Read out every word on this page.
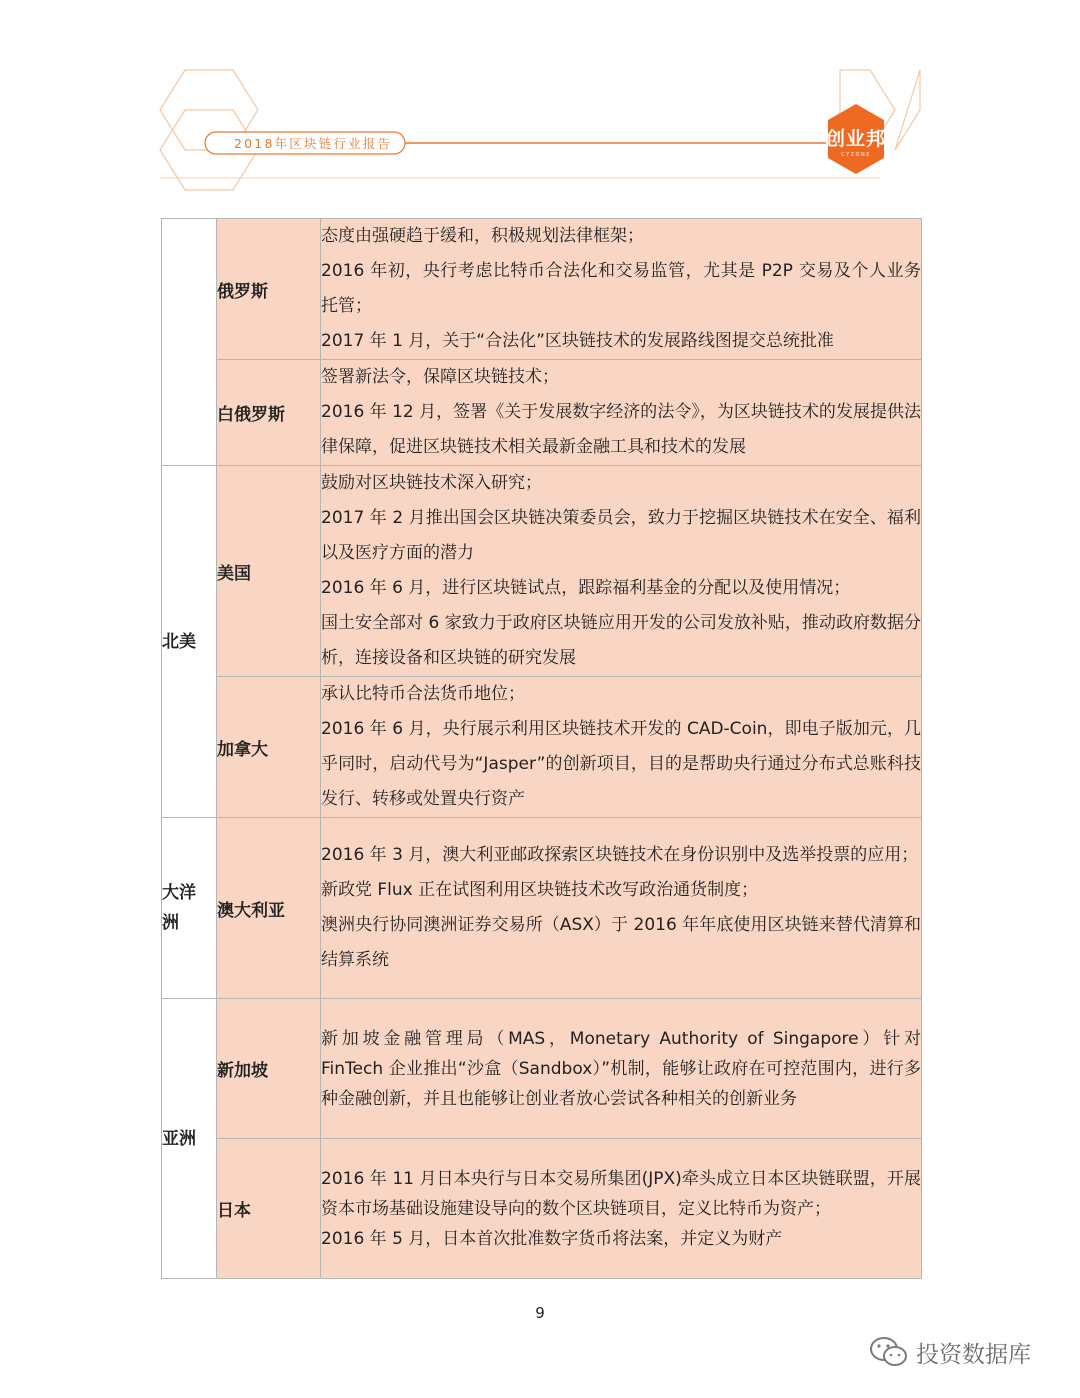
2018年区块链行业报告	创业邦
CYZONE
	俄罗斯	态度由强硬趋于缓和，积极规划法律框架；

2016 年初，央行考虑比特币合法化和交易监管，尤其是 P2P 交易及个人业务托管；

2017 年 1 月，关于“合法化”区块链技术的发展路线图提交总统批准

	白俄罗斯	签署新法令，保障区块链技术；

2016 年 12 月，签署《关于发展数字经济的法令》，为区块链技术的发展提供法律保障，促进区块链技术相关最新金融工具和技术的发展

北美	美国	鼓励对区块链技术深入研究；

2017 年 2 月推出国会区块链决策委员会，致力于挖掘区块链技术在安全、福利以及医疗方面的潜力

2016 年 6 月，进行区块链试点，跟踪福利基金的分配以及使用情况；

国土安全部对 6 家致力于政府区块链应用开发的公司发放补贴，推动政府数据分析，连接设备和区块链的研究发展

	加拿大	承认比特币合法货币地位；

2016 年 6 月，央行展示利用区块链技术开发的 CAD-Coin，即电子版加元，几乎同时，启动代号为“Jasper”的创新项目，目的是帮助央行通过分布式总账科技发行、转移或处置央行资产

大洋洲	澳大利亚	2016 年 3 月，澳大利亚邮政探索区块链技术在身份识别中及选举投票的应用；

新政党 Flux 正在试图利用区块链技术改写政治通货制度；

澳洲央行协同澳洲证券交易所（ASX）于 2016 年年底使用区块链来替代清算和结算系统

亚洲	新加坡	新加坡金融管理局（MAS，Monetary Authority of Singapore）针对 FinTech 企业推出“沙盒（Sandbox）”机制，能够让政府在可控范围内，进行多种金融创新，并且也能够让创业者放心尝试各种相关的创新业务

	日本	2016 年 11 月日本央行与日本交易所集团(JPX)牵头成立日本区块链联盟，开展资本市场基础设施建设导向的数个区块链项目，定义比特币为资产；

2016 年 5 月，日本首次批准数字货币将法案，并定义为财产

9
投资数据库
